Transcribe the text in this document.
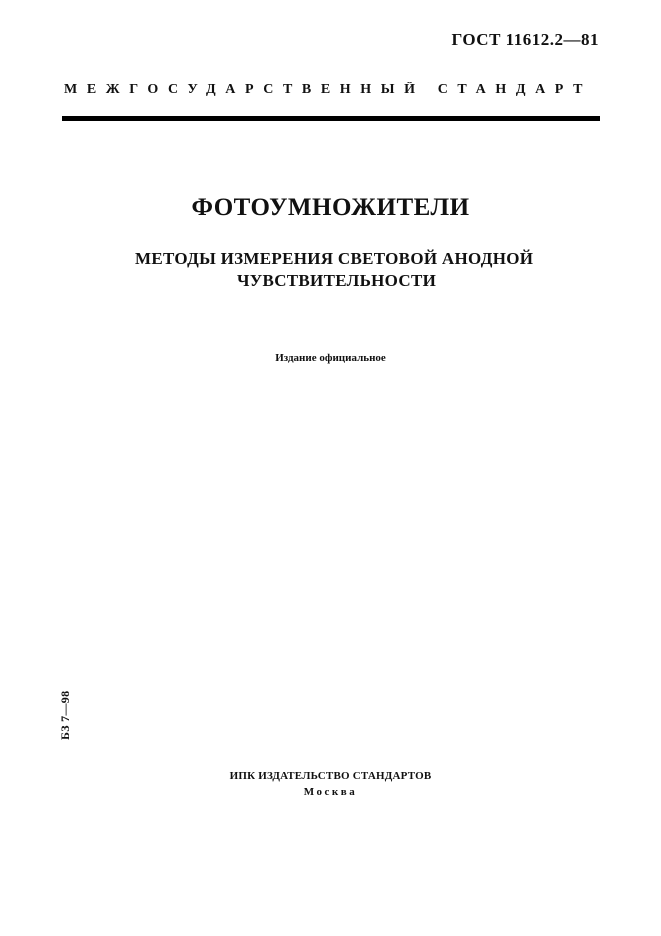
ГОСТ 11612.2—81
МЕЖГОСУДАРСТВЕННЫЙ СТАНДАРТ
ФОТОУМНОЖИТЕЛИ
МЕТОДЫ ИЗМЕРЕНИЯ СВЕТОВОЙ АНОДНОЙ
ЧУВСТВИТЕЛЬНОСТИ
Издание официальное
БЗ 7—98
ИПК ИЗДАТЕЛЬСТВО СТАНДАРТОВ
Москва
